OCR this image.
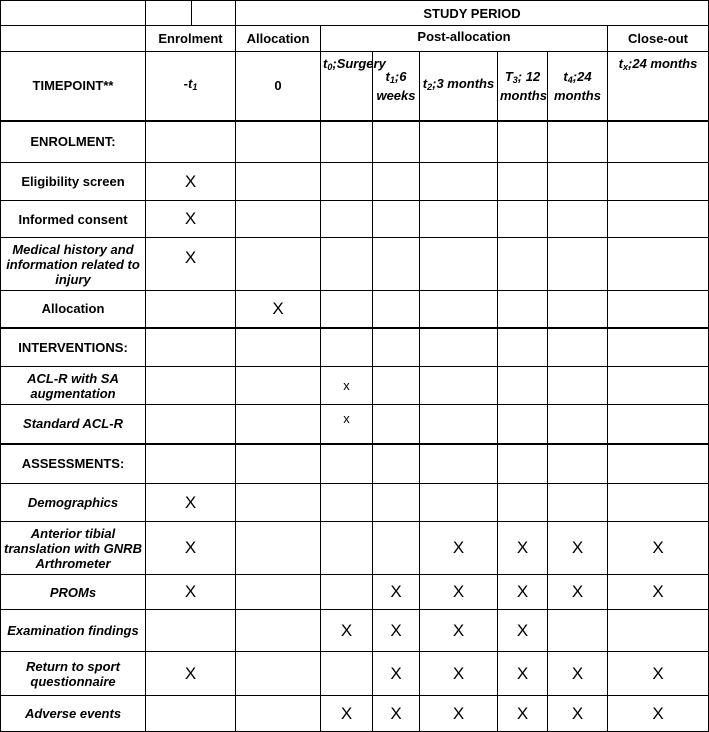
	STUDY PERIOD						
	Enrolment	Allocation	Post-allocation					Close-out
TIMEPOINT**	$-t_1$	0	$t_0;Surgery$	$t_1;6$ weeks	$t_2;3$ months	$T_3$; 12 months	$t_4;24$ months	$t_x;24$ months
ENROLMENT:								
Eligibility screen	X							
Informed consent	X							
Medical history and information related to injury	X							
Allocation		X						
INTERVENTIONS:								
ACL-R with SA augmentation			x					
Standard ACL-R			x					
ASSESSMENTS:								
Demographics	X							
Anterior tibial translation with GNRB Arthrometer	X				X	X	X	X
PROMs	X			X	X	X	X	X
Examination findings			X	X	X	X		
Return to sport questionnaire	X			X	X	X	X	X
Adverse events			X	X	X	X	X	X
